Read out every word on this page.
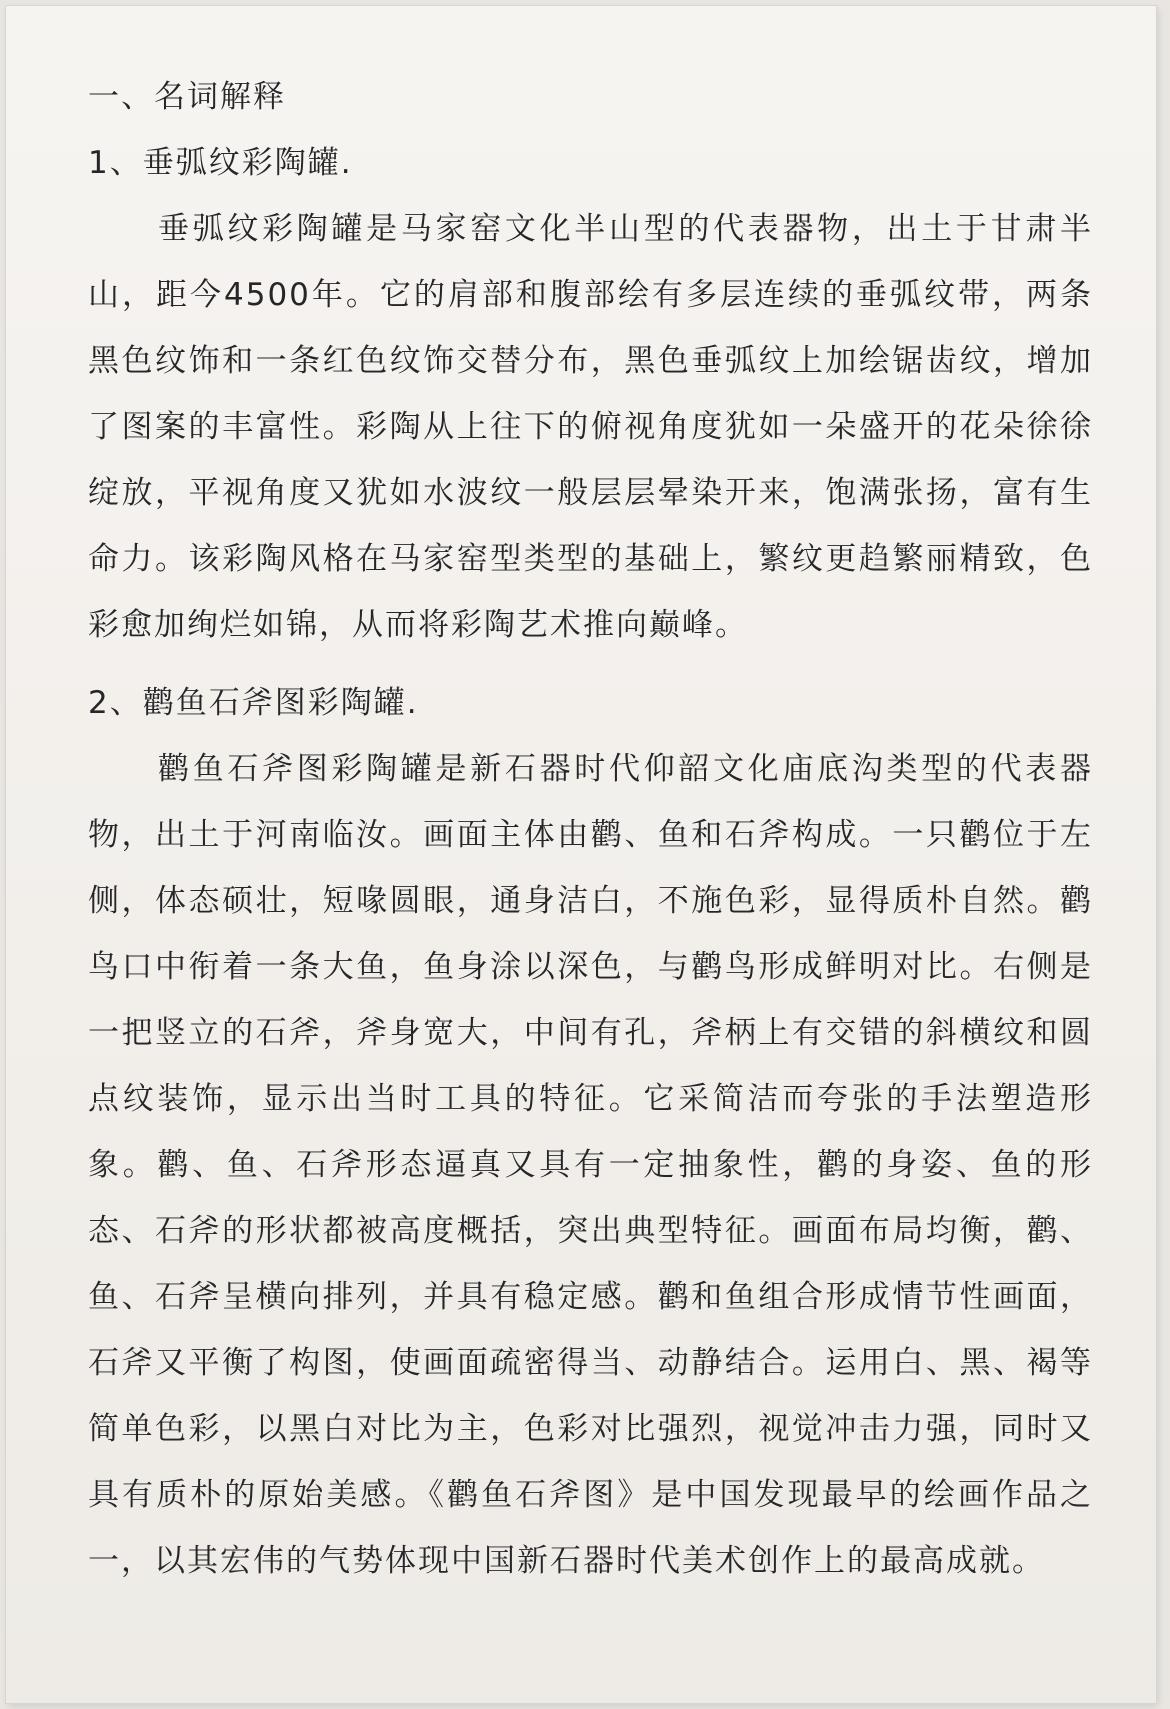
一、名词解释
1、垂弧纹彩陶罐.

垂弧纹彩陶罐是马家窑文化半山型的代表器物，出土于甘肃半山，距今4500年。它的肩部和腹部绘有多层连续的垂弧纹带，两条黑色纹饰和一条红色纹饰交替分布，黑色垂弧纹上加绘锯齿纹，增加了图案的丰富性。彩陶从上往下的俯视角度犹如一朵盛开的花朵徐徐绽放，平视角度又犹如水波纹一般层层晕染开来，饱满张扬，富有生命力。该彩陶风格在马家窑型类型的基础上，繁纹更趋繁丽精致，色彩愈加绚烂如锦，从而将彩陶艺术推向巅峰。

2、鹳鱼石斧图彩陶罐.

鹳鱼石斧图彩陶罐是新石器时代仰韶文化庙底沟类型的代表器物，出土于河南临汝。画面主体由鹳、鱼和石斧构成。一只鹳位于左侧，体态硕壮，短喙圆眼，通身洁白，不施色彩，显得质朴自然。鹳鸟口中衔着一条大鱼，鱼身涂以深色，与鹳鸟形成鲜明对比。右侧是一把竖立的石斧，斧身宽大，中间有孔，斧柄上有交错的斜横纹和圆点纹装饰，显示出当时工具的特征。它采简洁而夸张的手法塑造形象。鹳、鱼、石斧形态逼真又具有一定抽象性，鹳的身姿、鱼的形态、石斧的形状都被高度概括，突出典型特征。画面布局均衡，鹳、鱼、石斧呈横向排列，并具有稳定感。鹳和鱼组合形成情节性画面，石斧又平衡了构图，使画面疏密得当、动静结合。运用白、黑、褐等简单色彩，以黑白对比为主，色彩对比强烈，视觉冲击力强，同时又具有质朴的原始美感。《鹳鱼石斧图》是中国发现最早的绘画作品之一，以其宏伟的气势体现中国新石器时代美术创作上的最高成就。
